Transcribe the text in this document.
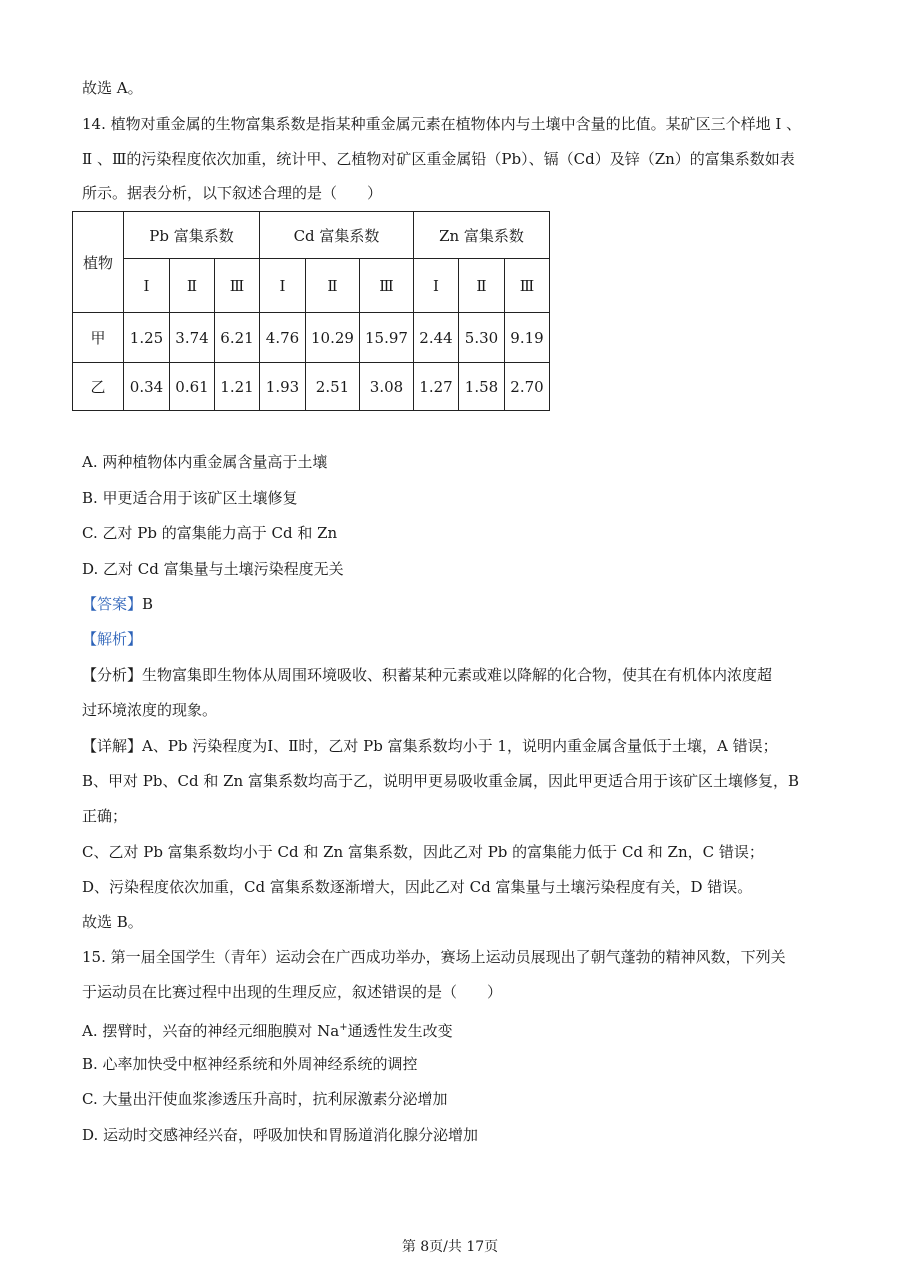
故选 A。
14. 植物对重金属的生物富集系数是指某种重金属元素在植物体内与土壤中含量的比值。某矿区三个样地 Ⅰ 、
Ⅱ 、Ⅲ的污染程度依次加重，统计甲、乙植物对矿区重金属铅（Pb）、镉（Cd）及锌（Zn）的富集系数如表
所示。据表分析，以下叙述合理的是（　　）
植物	Pb 富集系数			Cd 富集系数			Zn 富集系数		
	Ⅰ	Ⅱ	Ⅲ	Ⅰ	Ⅱ	Ⅲ	Ⅰ	Ⅱ	Ⅲ
甲	1.25	3.74	6.21	4.76	10.29	15.97	2.44	5.30	9.19
乙	0.34	0.61	1.21	1.93	2.51	3.08	1.27	1.58	2.70
A. 两种植物体内重金属含量高于土壤
B. 甲更适合用于该矿区土壤修复
C. 乙对 Pb 的富集能力高于 Cd 和 Zn
D. 乙对 Cd 富集量与土壤污染程度无关
【答案】B
【解析】
【分析】生物富集即生物体从周围环境吸收、积蓄某种元素或难以降解的化合物，使其在有机体内浓度超
过环境浓度的现象。
【详解】A、Pb 污染程度为Ⅰ、Ⅱ时，乙对 Pb 富集系数均小于 1，说明内重金属含量低于土壤，A 错误；
B、甲对 Pb、Cd 和 Zn 富集系数均高于乙，说明甲更易吸收重金属，因此甲更适合用于该矿区土壤修复，B
正确；
C、乙对 Pb 富集系数均小于 Cd 和 Zn 富集系数，因此乙对 Pb 的富集能力低于 Cd 和 Zn，C 错误；
D、污染程度依次加重，Cd 富集系数逐渐增大，因此乙对 Cd 富集量与土壤污染程度有关，D 错误。
故选 B。
15. 第一届全国学生（青年）运动会在广西成功举办，赛场上运动员展现出了朝气蓬勃的精神风数，下列关
于运动员在比赛过程中出现的生理反应，叙述错误的是（　　）
A. 摆臂时，兴奋的神经元细胞膜对 Na+通透性发生改变
B. 心率加快受中枢神经系统和外周神经系统的调控
C. 大量出汗使血浆渗透压升高时，抗利尿激素分泌增加
D. 运动时交感神经兴奋，呼吸加快和胃肠道消化腺分泌增加
第 8页/共 17页
